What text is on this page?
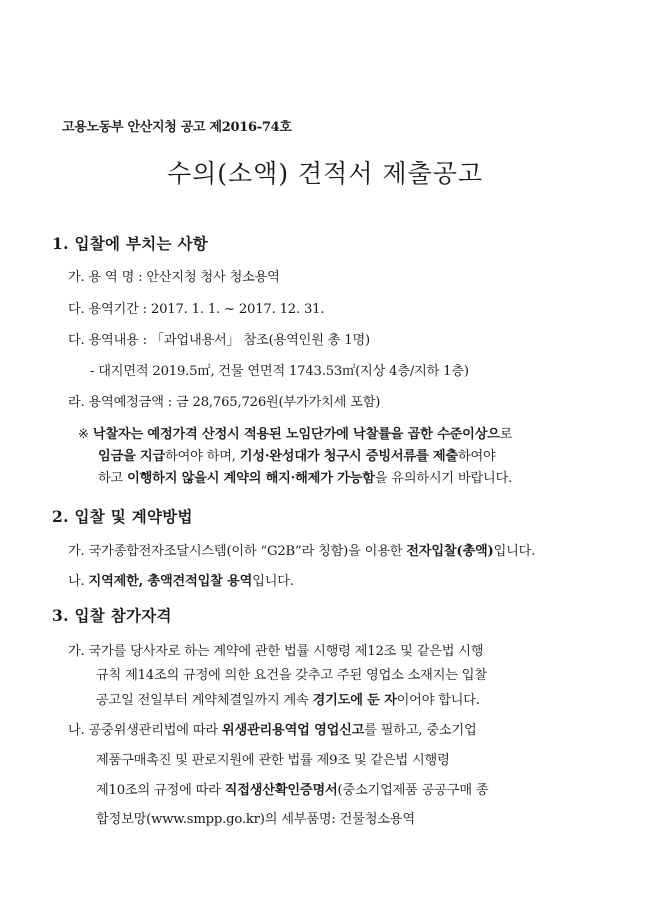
고용노동부 안산지청 공고 제2016-74호
수의(소액) 견적서 제출공고
1. 입찰에 부치는 사항
가. 용 역 명 : 안산지청 청사 청소용역
다. 용역기간 : 2017. 1. 1. ~ 2017. 12. 31.
다. 용역내용 : 「과업내용서」 참조(용역인원 총 1명)
- 대지면적 2019.5㎡, 건물 연면적 1743.53㎡(지상 4층/지하 1층)
라. 용역예정금액 : 금 28,765,726원(부가가치세 포함)
※ 낙찰자는 예정가격 산정시 적용된 노임단가에 낙찰률을 곱한 수준이상으로
임금을 지급하여야 하며, 기성·완성대가 청구시 증빙서류를 제출하여야
하고 이행하지 않을시 계약의 해지·해제가 가능함을 유의하시기 바랍니다.
2. 입찰 및 계약방법
가. 국가종합전자조달시스템(이하 “G2B”라 칭함)을 이용한 전자입찰(총액)입니다.
나. 지역제한, 총액견적입찰 용역입니다.
3. 입찰 참가자격
가. 국가를 당사자로 하는 계약에 관한 법률 시행령 제12조 및 같은법 시행
규칙 제14조의 규정에 의한 요건을 갖추고 주된 영업소 소재지는 입찰
공고일 전일부터 계약체결일까지 계속 경기도에 둔 자이어야 합니다.
나. 공중위생관리법에 따라 위생관리용역업 영업신고를 필하고, 중소기업
제품구매촉진 및 판로지원에 관한 법률 제9조 및 같은법 시행령
제10조의 규정에 따라 직접생산확인증명서(중소기업제품 공공구매 종
합정보망(www.smpp.go.kr)의 세부품명: 건물청소용역
